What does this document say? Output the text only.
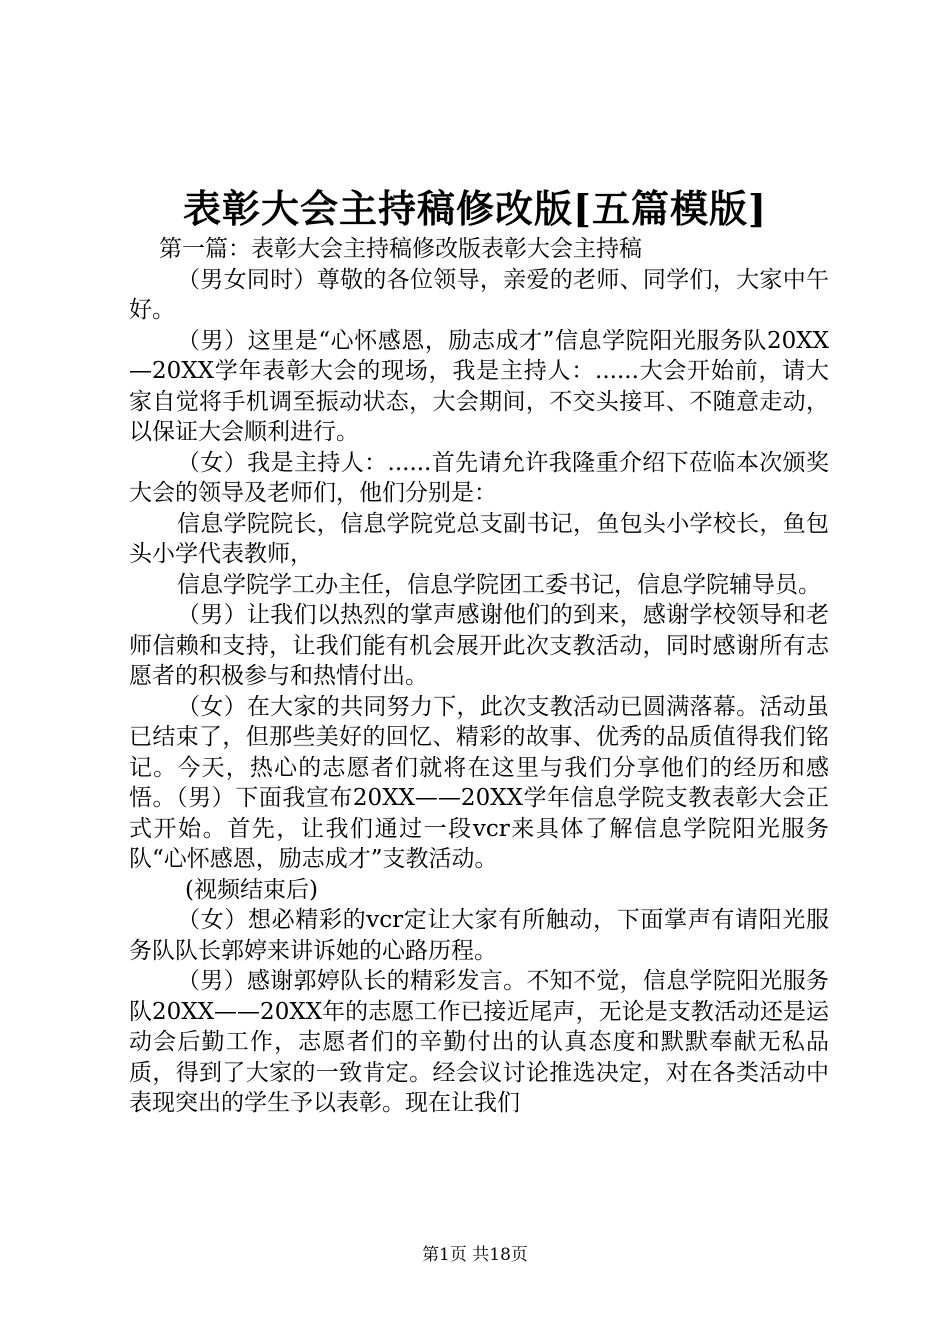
表彰大会主持稿修改版[五篇模版]

第一篇：表彰大会主持稿修改版表彰大会主持稿

（男女同时）尊敬的各位领导，亲爱的老师、同学们，大家中午好。

（男）这里是“心怀感恩，励志成才”信息学院阳光服务队20XX—20XX学年表彰大会的现场，我是主持人：......大会开始前，请大家自觉将手机调至振动状态，大会期间，不交头接耳、不随意走动，以保证大会顺利进行。

（女）我是主持人：......首先请允许我隆重介绍下莅临本次颁奖大会的领导及老师们，他们分别是：

信息学院院长，信息学院党总支副书记，鱼包头小学校长，鱼包头小学代表教师，

信息学院学工办主任，信息学院团工委书记，信息学院辅导员。

（男）让我们以热烈的掌声感谢他们的到来，感谢学校领导和老师信赖和支持，让我们能有机会展开此次支教活动，同时感谢所有志愿者的积极参与和热情付出。

（女）在大家的共同努力下，此次支教活动已圆满落幕。活动虽已结束了，但那些美好的回忆、精彩的故事、优秀的品质值得我们铭记。今天，热心的志愿者们就将在这里与我们分享他们的经历和感悟。（男）下面我宣布20XX——20XX学年信息学院支教表彰大会正式开始。首先，让我们通过一段vcr来具体了解信息学院阳光服务队“心怀感恩，励志成才”支教活动。

(视频结束后)

（女）想必精彩的vcr定让大家有所触动，下面掌声有请阳光服务队队长郭婷来讲诉她的心路历程。

（男）感谢郭婷队长的精彩发言。不知不觉，信息学院阳光服务队20XX——20XX年的志愿工作已接近尾声，无论是支教活动还是运动会后勤工作，志愿者们的辛勤付出的认真态度和默默奉献无私品质，得到了大家的一致肯定。经会议讨论推选决定，对在各类活动中表现突出的学生予以表彰。现在让我们

第1页 共18页
